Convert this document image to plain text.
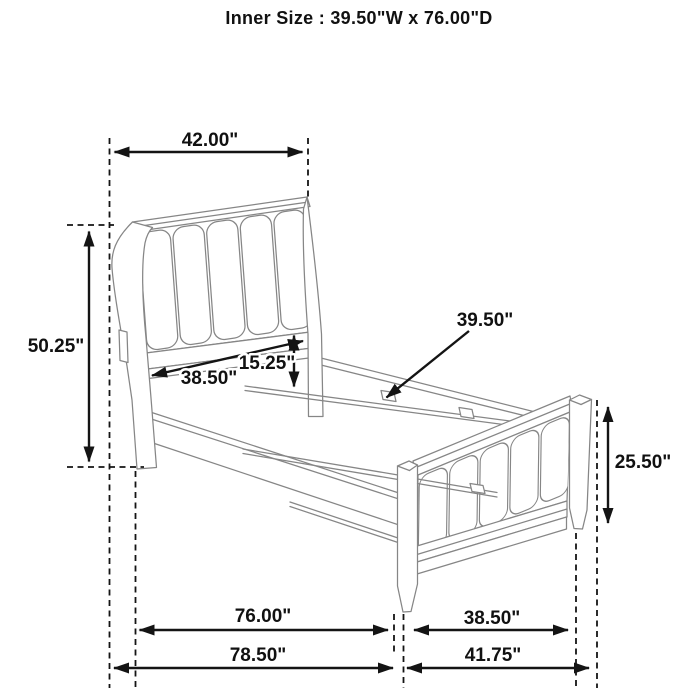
Inner Size : 39.50"W x 76.00"D
42.00"
50.25"
15.25"
38.50"
39.50"
25.50"
76.00"	38.50"
78.50"	41.75"
